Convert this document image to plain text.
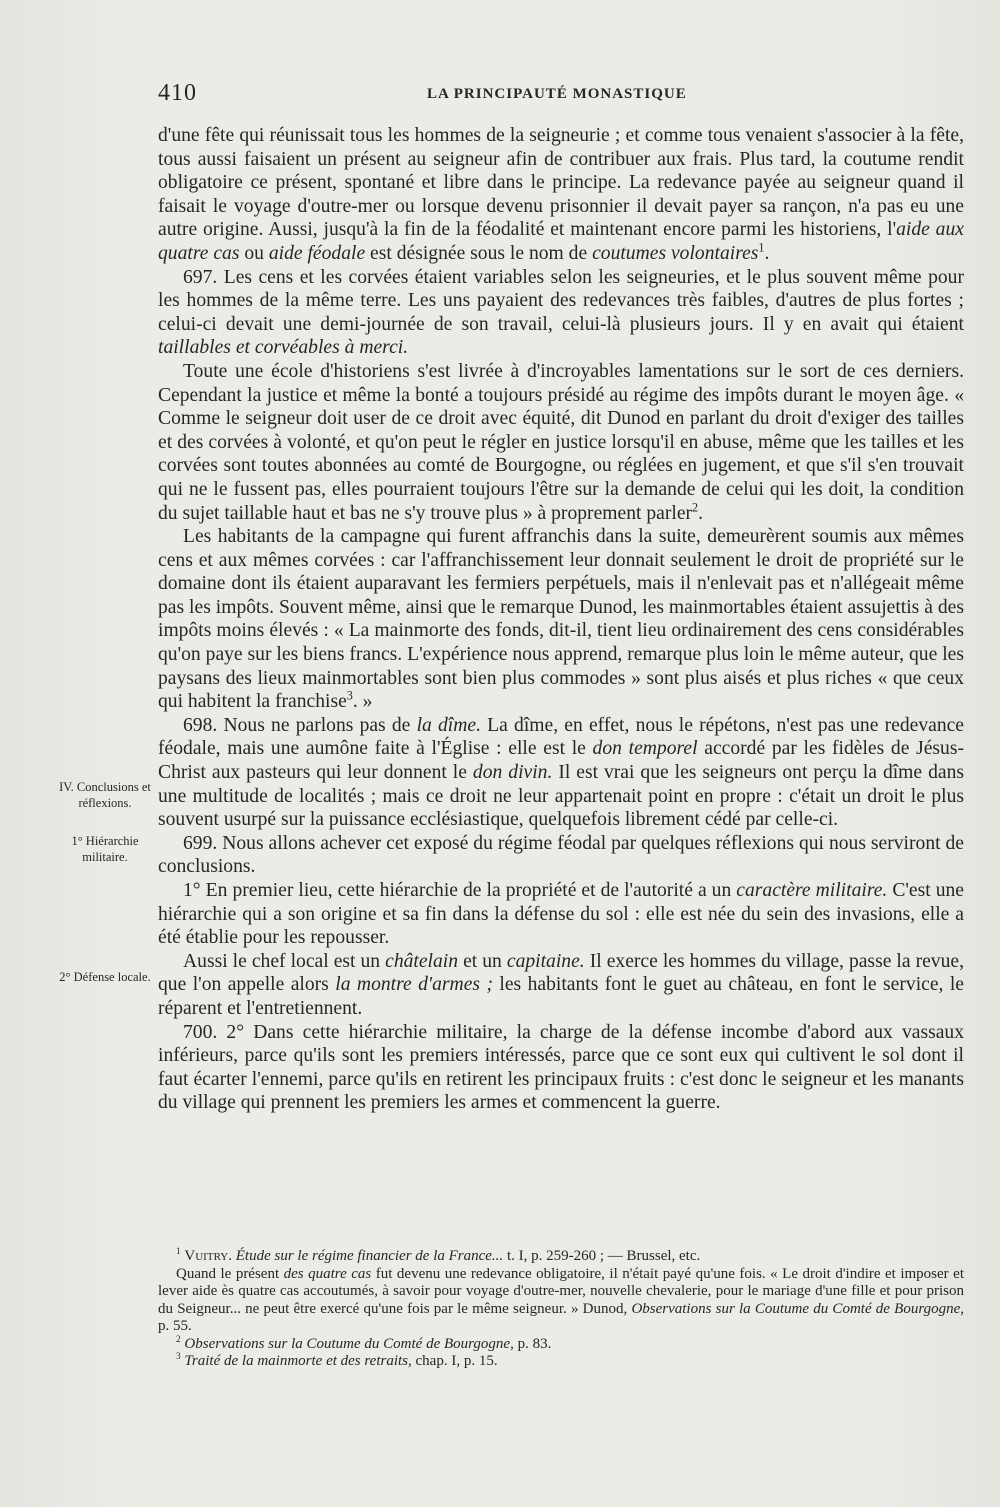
410	LA PRINCIPAUTÉ MONASTIQUE
IV. Conclusions et réflexions.
1° Hiérarchie militaire.
2° Défense locale.

d'une fête qui réunissait tous les hommes de la seigneurie ; et comme tous venaient s'associer à la fête, tous aussi faisaient un présent au seigneur afin de contribuer aux frais. Plus tard, la coutume rendit obligatoire ce présent, spontané et libre dans le principe. La redevance payée au seigneur quand il faisait le voyage d'outre-mer ou lorsque devenu prisonnier il devait payer sa rançon, n'a pas eu une autre origine. Aussi, jusqu'à la fin de la féodalité et maintenant encore parmi les historiens, l'aide aux quatre cas ou aide féodale est désignée sous le nom de coutumes volontaires$^1$.

697. Les cens et les corvées étaient variables selon les seigneuries, et le plus souvent même pour les hommes de la même terre. Les uns payaient des redevances très faibles, d'autres de plus fortes ; celui-ci devait une demi-journée de son travail, celui-là plusieurs jours. Il y en avait qui étaient taillables et corvéables à merci.

Toute une école d'historiens s'est livrée à d'incroyables lamentations sur le sort de ces derniers. Cependant la justice et même la bonté a toujours présidé au régime des impôts durant le moyen âge. « Comme le seigneur doit user de ce droit avec équité, dit Dunod en parlant du droit d'exiger des tailles et des corvées à volonté, et qu'on peut le régler en justice lorsqu'il en abuse, même que les tailles et les corvées sont toutes abonnées au comté de Bourgogne, ou réglées en jugement, et que s'il s'en trouvait qui ne le fussent pas, elles pourraient toujours l'être sur la demande de celui qui les doit, la condition du sujet taillable haut et bas ne s'y trouve plus » à proprement parler$^2$.

Les habitants de la campagne qui furent affranchis dans la suite, demeurèrent soumis aux mêmes cens et aux mêmes corvées : car l'affranchissement leur donnait seulement le droit de propriété sur le domaine dont ils étaient auparavant les fermiers perpétuels, mais il n'enlevait pas et n'allégeait même pas les impôts. Souvent même, ainsi que le remarque Dunod, les mainmortables étaient assujettis à des impôts moins élevés : « La mainmorte des fonds, dit-il, tient lieu ordinairement des cens considérables qu'on paye sur les biens francs. L'expérience nous apprend, remarque plus loin le même auteur, que les paysans des lieux mainmortables sont bien plus commodes » sont plus aisés et plus riches « que ceux qui habitent la franchise$^3$. »

698. Nous ne parlons pas de la dîme. La dîme, en effet, nous le répétons, n'est pas une redevance féodale, mais une aumône faite à l'Église : elle est le don temporel accordé par les fidèles de Jésus-Christ aux pasteurs qui leur donnent le don divin. Il est vrai que les seigneurs ont perçu la dîme dans une multitude de localités ; mais ce droit ne leur appartenait point en propre : c'était un droit le plus souvent usurpé sur la puissance ecclésiastique, quelquefois librement cédé par celle-ci.

699. Nous allons achever cet exposé du régime féodal par quelques réflexions qui nous serviront de conclusions.

1° En premier lieu, cette hiérarchie de la propriété et de l'autorité a un caractère militaire. C'est une hiérarchie qui a son origine et sa fin dans la défense du sol : elle est née du sein des invasions, elle a été établie pour les repousser.

Aussi le chef local est un châtelain et un capitaine. Il exerce les hommes du village, passe la revue, que l'on appelle alors la montre d'armes ; les habitants font le guet au château, en font le service, le réparent et l'entretiennent.

700. 2° Dans cette hiérarchie militaire, la charge de la défense incombe d'abord aux vassaux inférieurs, parce qu'ils sont les premiers intéressés, parce que ce sont eux qui cultivent le sol dont il faut écarter l'ennemi, parce qu'ils en retirent les principaux fruits : c'est donc le seigneur et les manants du village qui prennent les premiers les armes et commencent la guerre.

$^1$ Vuitry. Étude sur le régime financier de la France... t. I, p. 259-260 ; — Brussel, etc.

Quand le présent des quatre cas fut devenu une redevance obligatoire, il n'était payé qu'une fois. « Le droit d'indire et imposer et lever aide ès quatre cas accoutumés, à savoir pour voyage d'outre-mer, nouvelle chevalerie, pour le mariage d'une fille et pour prison du Seigneur... ne peut être exercé qu'une fois par le même seigneur. » Dunod, Observations sur la Coutume du Comté de Bourgogne, p. 55.

$^2$ Observations sur la Coutume du Comté de Bourgogne, p. 83.

$^3$ Traité de la mainmorte et des retraits, chap. I, p. 15.
